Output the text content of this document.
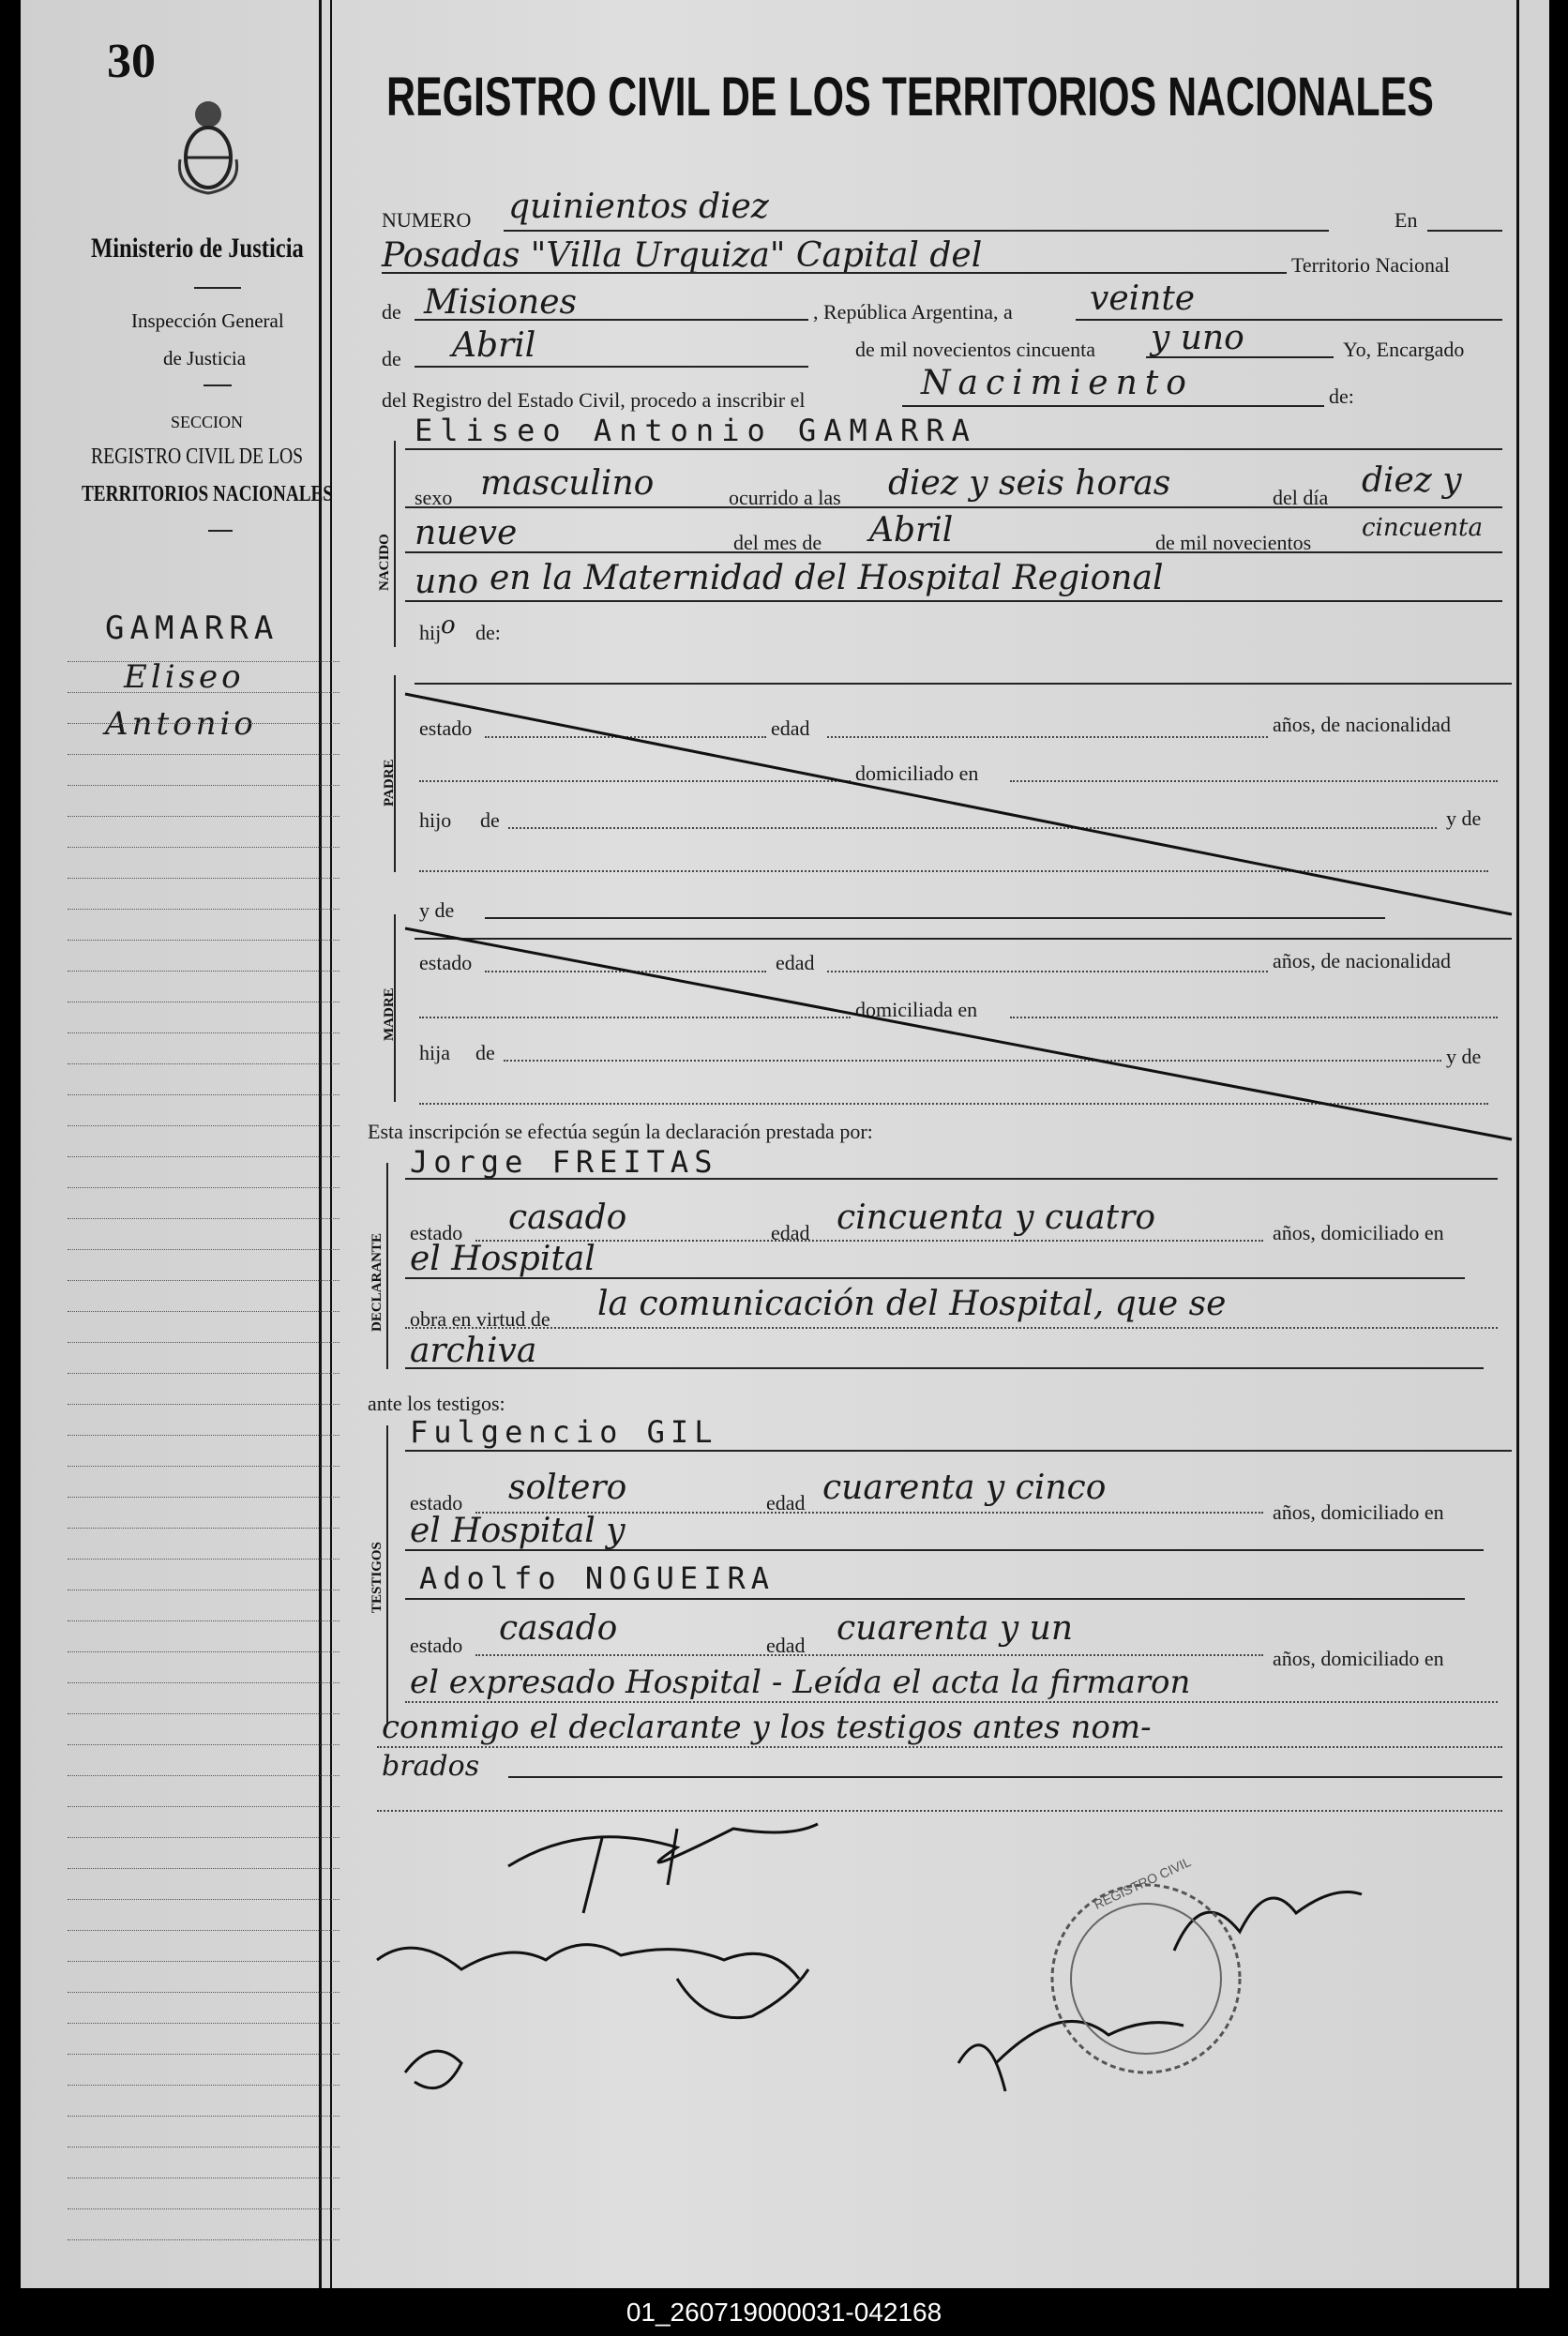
30
Ministerio de Justicia
Inspección General
de Justicia
SECCION
REGISTRO CIVIL DE LOS
TERRITORIOS NACIONALES
GAMARRA
Eliseo
Antonio
REGISTRO CIVIL DE LOS TERRITORIOS NACIONALES
NUMERO quinientos diez	En
Posadas "Villa Urquiza" Capital del	Territorio Nacional
de Misiones	, República Argentina, a veinte
de Abril	de mil novecientos cincuenta y uno	Yo, Encargado
del Registro del Estado Civil, procedo a inscribir el	Nacimiento	de:
NACIDO
Eliseo Antonio GAMARRA
sexo masculino	ocurrido a las diez y seis horas	del día diez y
nueve	del mes de Abril	de mil novecientos
cincuenta
uno en la Maternidad del Hospital Regional
hij o de:
PADRE
estado	edad	años, de nacionalidad
domiciliado en
hijo de	y de
y de
MADRE
estado	edad	años, de nacionalidad
domiciliada en
hija de	y de
Esta inscripción se efectúa según la declaración prestada por:
DECLARANTE
Jorge FREITAS
estado casado	edad cincuenta y cuatro	años, domiciliado en
el Hospital
obra en virtud de la comunicación del Hospital, que se
archiva
ante los testigos:
TESTIGOS
Fulgencio GIL
estado soltero	edad cuarenta y cinco
años, domiciliado en
el Hospital y
Adolfo NOGUEIRA
estado casado	edad cuarenta y un
años, domiciliado en
el expresado Hospital - Leída el acta la firmaron
conmigo el declarante y los testigos antes nom-
brados
REGISTRO CIVIL
01_260719000031-042168
